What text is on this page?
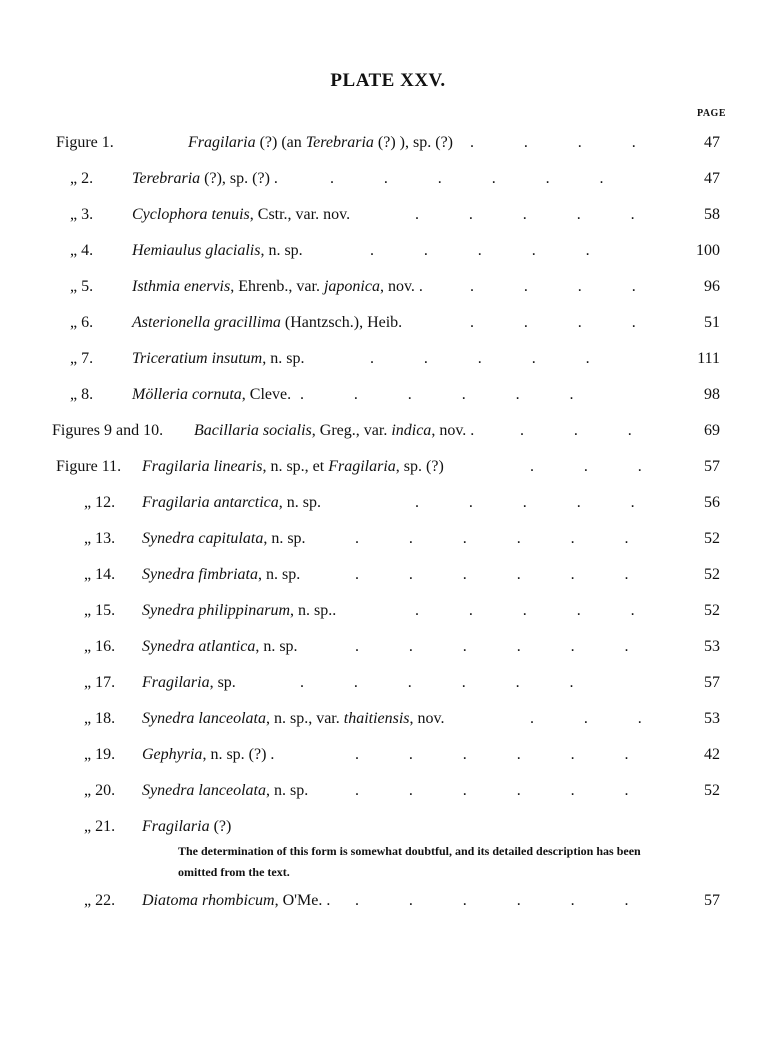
PLATE XXV.
PAGE
Figure 1.	Fragilaria (?) (an Terebraria (?) ), sp. (?) .          .          .          .	47
„ 2. Terebraria (?), sp. (?) .	.          .          .          .          .          .	47
„ 3. Cyclophora tenuis, Cstr., var. nov.	.          .          .          .          .	58
„ 4. Hemiaulus glacialis, n. sp.	.          .          .          .          .	100
„ 5. Isthmia enervis, Ehrenb., var. japonica, nov. .	.          .          .          .	96
„ 6. Asterionella gracillima (Hantzsch.), Heib.	.          .          .          .	51
„ 7. Triceratium insutum, n. sp.	.          .          .          .          .	111
„ 8. Mölleria cornuta, Cleve. .          .          .          .          .          .	98
Figures 9 and 10. Bacillaria socialis, Greg., var. indica, nov. .	.          .          .	69
Figure 11. Fragilaria linearis, n. sp., et Fragilaria, sp. (?)	.          .          .	57
„ 12. Fragilaria antarctica, n. sp.	.          .          .          .          .	56
„ 13. Synedra capitulata, n. sp.	.          .          .          .          .          .	52
„ 14. Synedra fimbriata, n. sp.	.          .          .          .          .          .	52
„ 15. Synedra philippinarum, n. sp..	.          .          .          .          .	52
„ 16. Synedra atlantica, n. sp.	.          .          .          .          .          .	53
„ 17. Fragilaria, sp.	.          .          .          .          .          .	57
„ 18. Synedra lanceolata, n. sp., var. thaitiensis, nov.	.          .          .	53
„ 19. Gephyria, n. sp. (?) .	.          .          .          .          .          .	42
„ 20. Synedra lanceolata, n. sp.	.          .          .          .          .          .	52
„ 21. Fragilaria (?)
„ 22. Diatoma rhombicum, O'Me. . .          .          .          .          .          .	57
The determination of this form is somewhat doubtful, and its detailed description has been omitted from the text.
